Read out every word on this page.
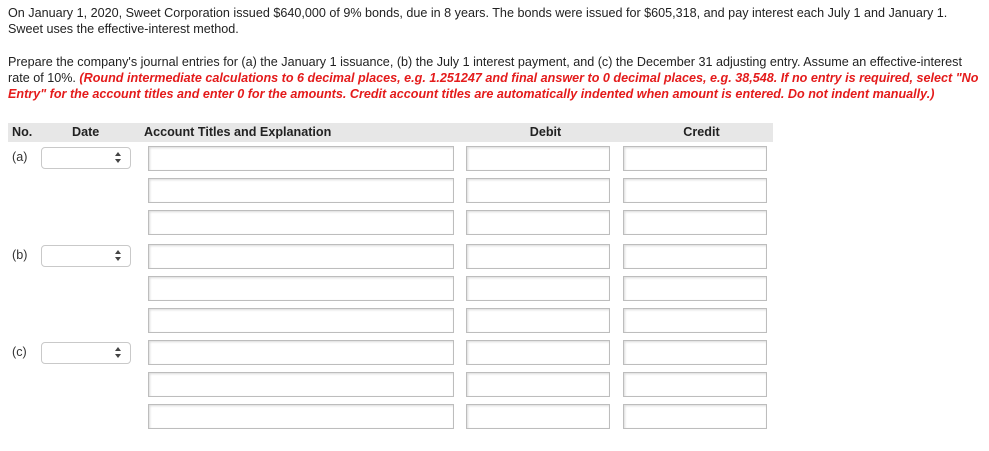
On January 1, 2020, Sweet Corporation issued $640,000 of 9% bonds, due in 8 years. The bonds were issued for $605,318, and pay interest each July 1 and January 1. Sweet uses the effective-interest method.
Prepare the company's journal entries for (a) the January 1 issuance, (b) the July 1 interest payment, and (c) the December 31 adjusting entry. Assume an effective-interest rate of 10%. (Round intermediate calculations to 6 decimal places, e.g. 1.251247 and final answer to 0 decimal places, e.g. 38,548. If no entry is required, select "No Entry" for the account titles and enter 0 for the amounts. Credit account titles are automatically indented when amount is entered. Do not indent manually.)
No.	Date	Account Titles and Explanation	Debit	Credit
(a)
(b)
(c)
